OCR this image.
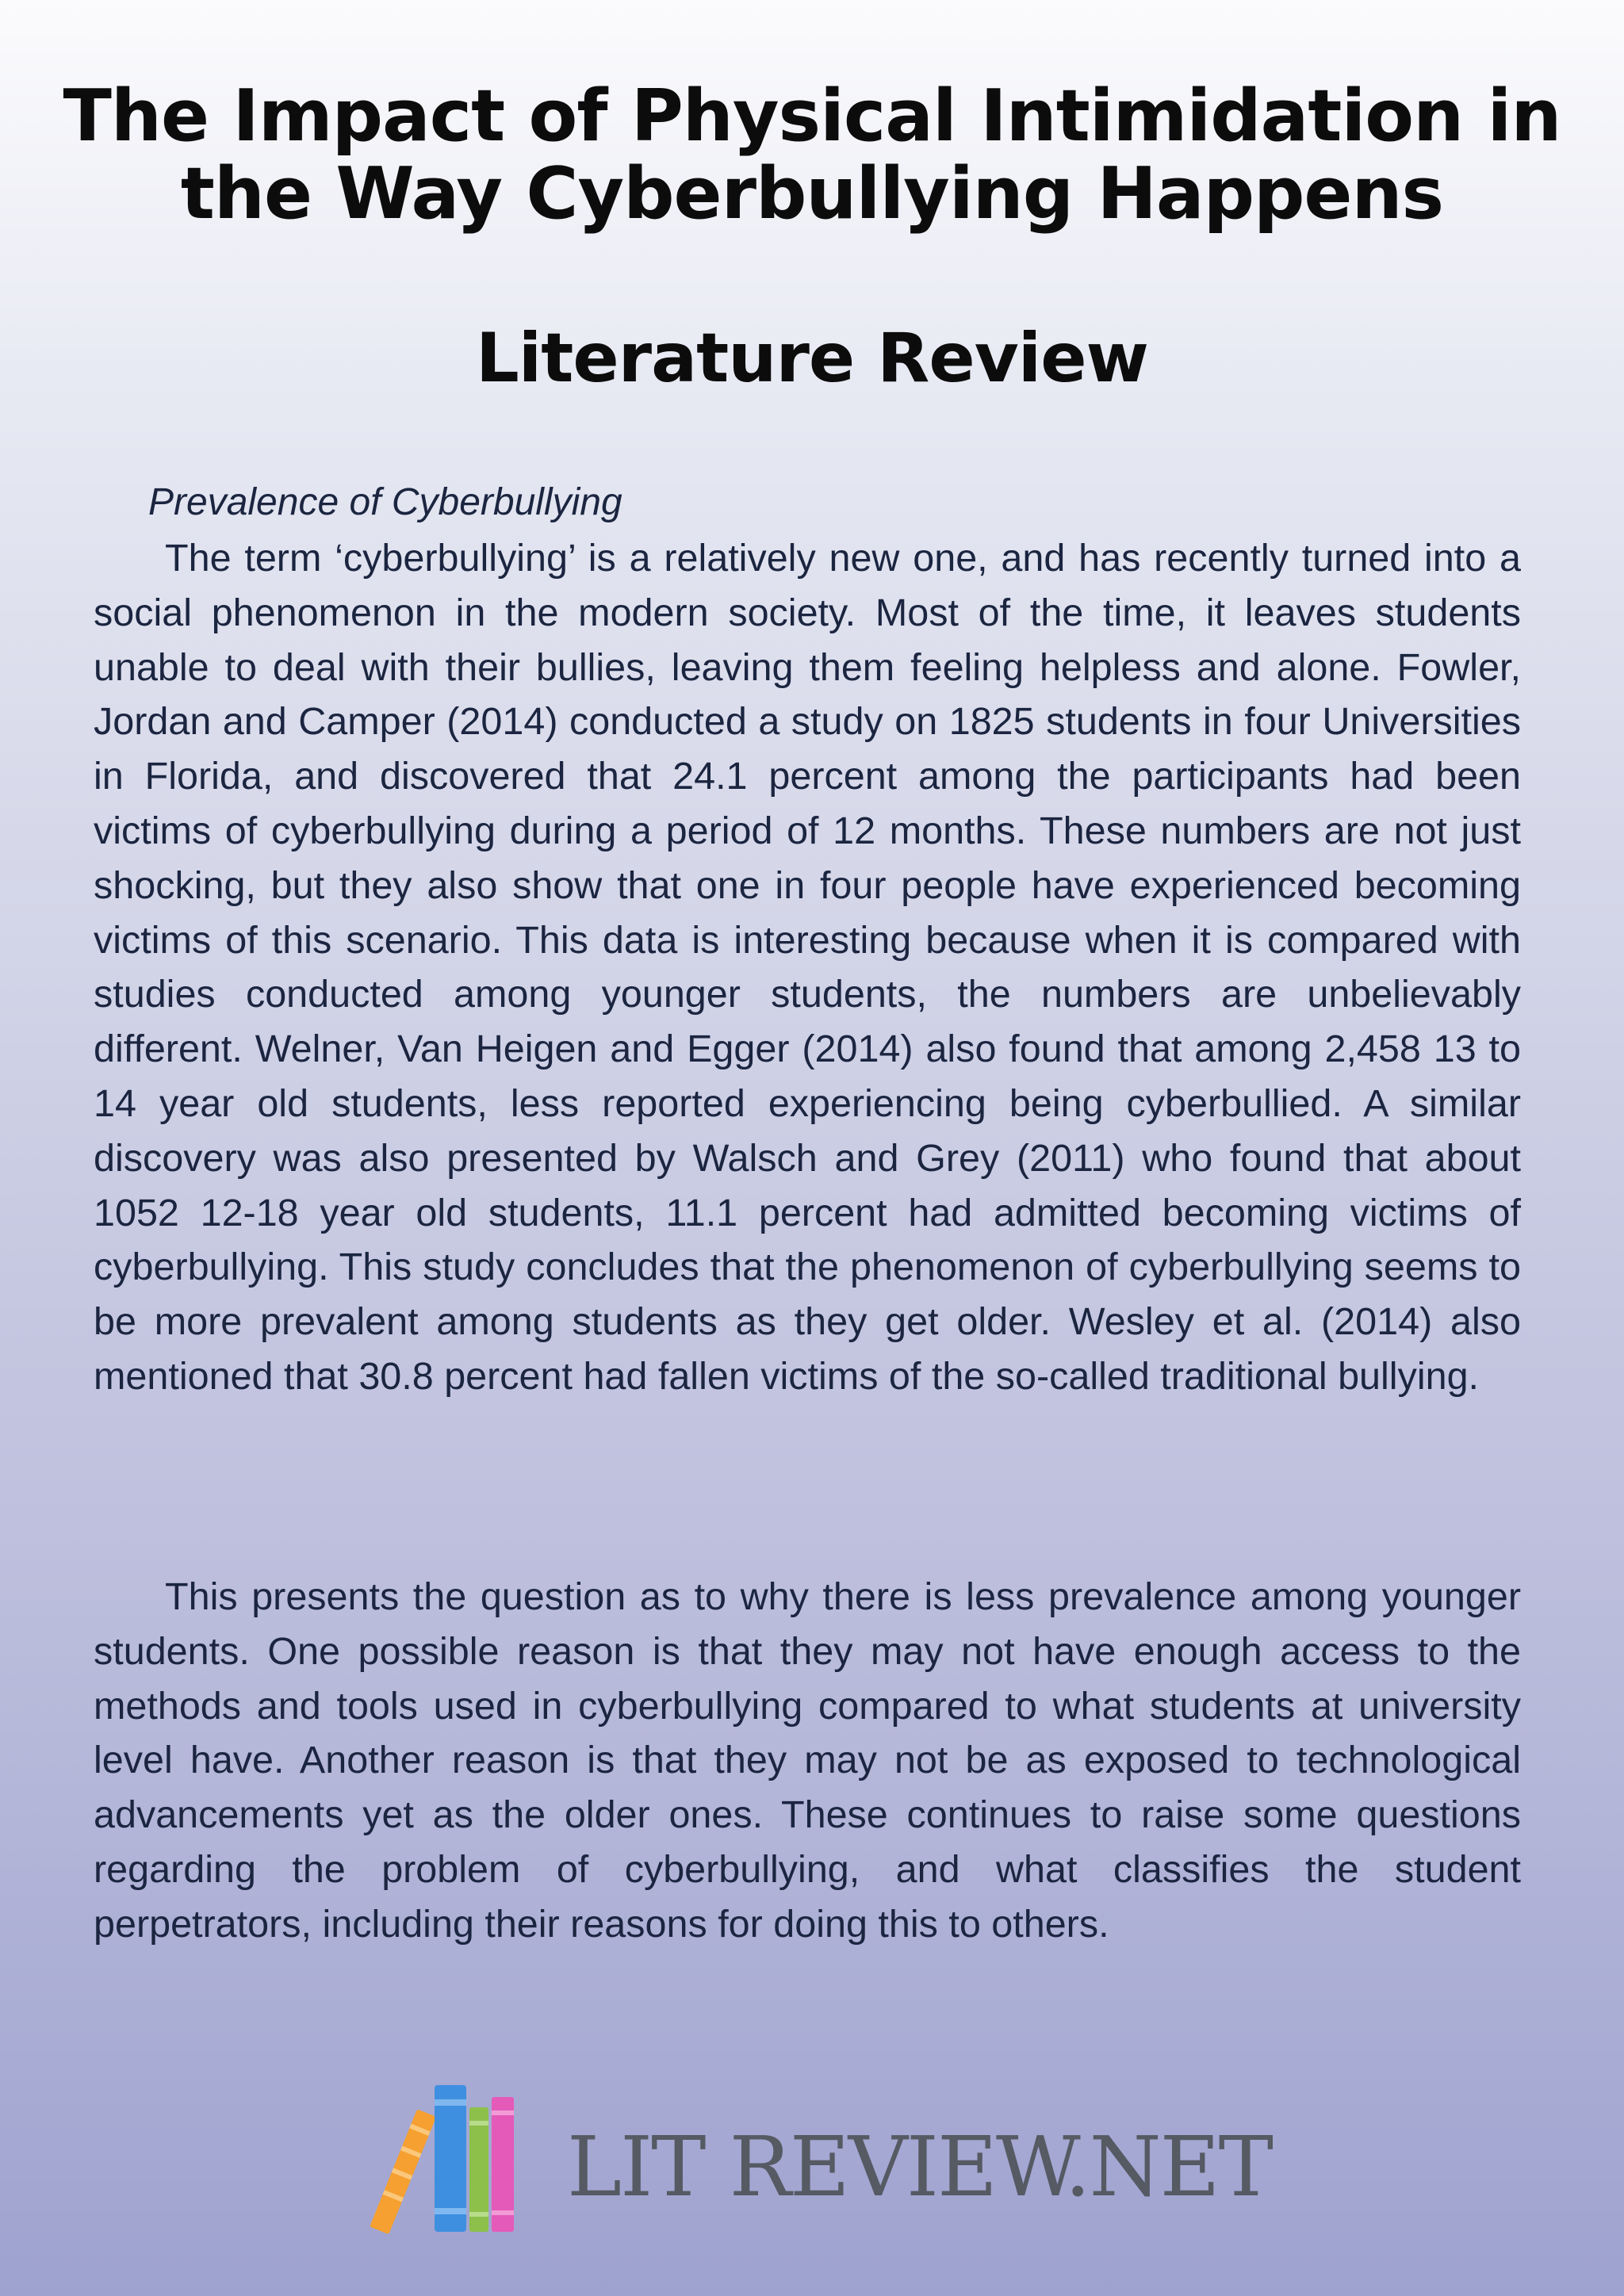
The Impact of Physical Intimidation in the Way Cyberbullying Happens
Literature Review
Prevalence of Cyberbullying

The term ‘cyberbullying’ is a relatively new one, and has recently turned into a social phenomenon in the modern society. Most of the time, it leaves students unable to deal with their bullies, leaving them feeling helpless and alone. Fowler, Jordan and Camper (2014) conducted a study on 1825 students in four Universities in Florida, and discovered that 24.1 percent among the participants had been victims of cyberbullying during a period of 12 months. These numbers are not just shocking, but they also show that one in four people have experienced becoming victims of this scenario. This data is interesting because when it is compared with studies conducted among younger students, the numbers are unbelievably different. Welner, Van Heigen and Egger (2014) also found that among 2,458 13 to 14 year old students, less reported experiencing being cyberbullied. A similar discovery was also presented by Walsch and Grey (2011) who found that about 1052 12-18 year old students, 11.1 percent had admitted becoming victims of cyberbullying. This study concludes that the phenomenon of cyberbullying seems to be more prevalent among students as they get older. Wesley et al. (2014) also mentioned that 30.8 percent had fallen victims of the so-called traditional bullying.

This presents the question as to why there is less prevalence among younger students. One possible reason is that they may not have enough access to the methods and tools used in cyberbullying compared to what students at university level have. Another reason is that they may not be as exposed to technological advancements yet as the older ones. These continues to raise some questions regarding the problem of cyberbullying, and what classifies the student perpetrators, including their reasons for doing this to others.

LIT REVIEW.NET
